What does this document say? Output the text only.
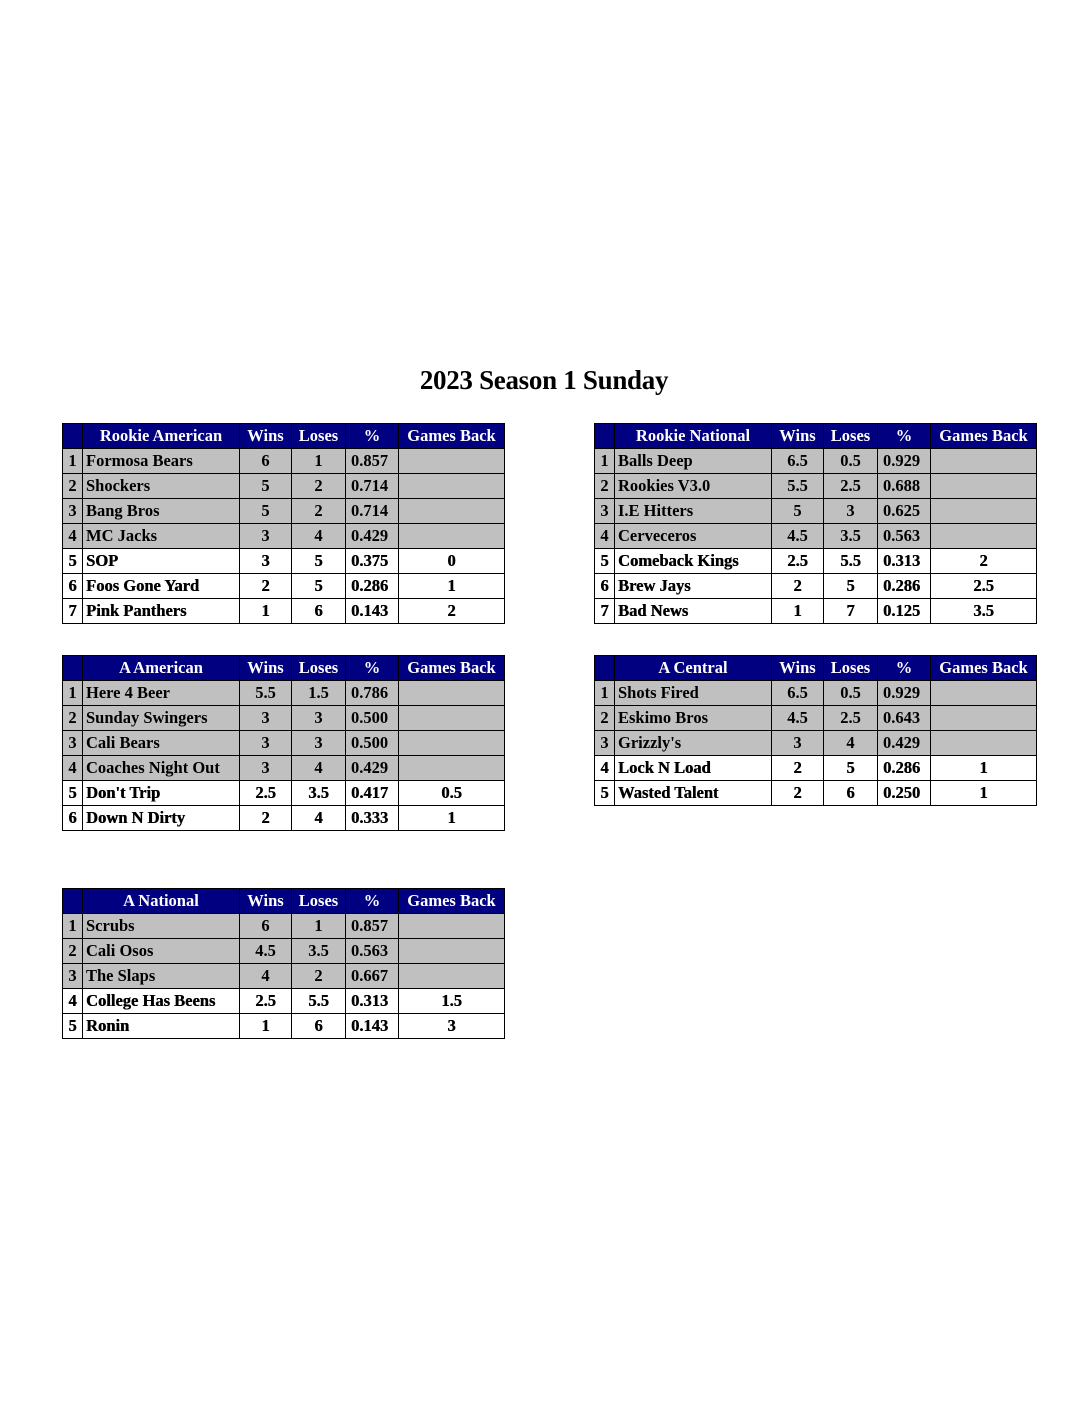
2023 Season 1 Sunday
	Rookie American	Wins	Loses	%	Games Back
1	Formosa Bears	6	1	0.857	
2	Shockers	5	2	0.714	
3	Bang Bros	5	2	0.714	
4	MC Jacks	3	4	0.429	
5	SOP	3	5	0.375	0
6	Foos Gone Yard	2	5	0.286	1
7	Pink Panthers	1	6	0.143	2
	Rookie National	Wins	Loses	%	Games Back
1	Balls Deep	6.5	0.5	0.929	
2	Rookies V3.0	5.5	2.5	0.688	
3	I.E Hitters	5	3	0.625	
4	Cerveceros	4.5	3.5	0.563	
5	Comeback Kings	2.5	5.5	0.313	2
6	Brew Jays	2	5	0.286	2.5
7	Bad News	1	7	0.125	3.5
	A American	Wins	Loses	%	Games Back
1	Here 4 Beer	5.5	1.5	0.786	
2	Sunday Swingers	3	3	0.500	
3	Cali Bears	3	3	0.500	
4	Coaches Night Out	3	4	0.429	
5	Don't Trip	2.5	3.5	0.417	0.5
6	Down N Dirty	2	4	0.333	1
	A Central	Wins	Loses	%	Games Back
1	Shots Fired	6.5	0.5	0.929	
2	Eskimo Bros	4.5	2.5	0.643	
3	Grizzly's	3	4	0.429	
4	Lock N Load	2	5	0.286	1
5	Wasted Talent	2	6	0.250	1
	A National	Wins	Loses	%	Games Back
1	Scrubs	6	1	0.857	
2	Cali Osos	4.5	3.5	0.563	
3	The Slaps	4	2	0.667	
4	College Has Beens	2.5	5.5	0.313	1.5
5	Ronin	1	6	0.143	3
